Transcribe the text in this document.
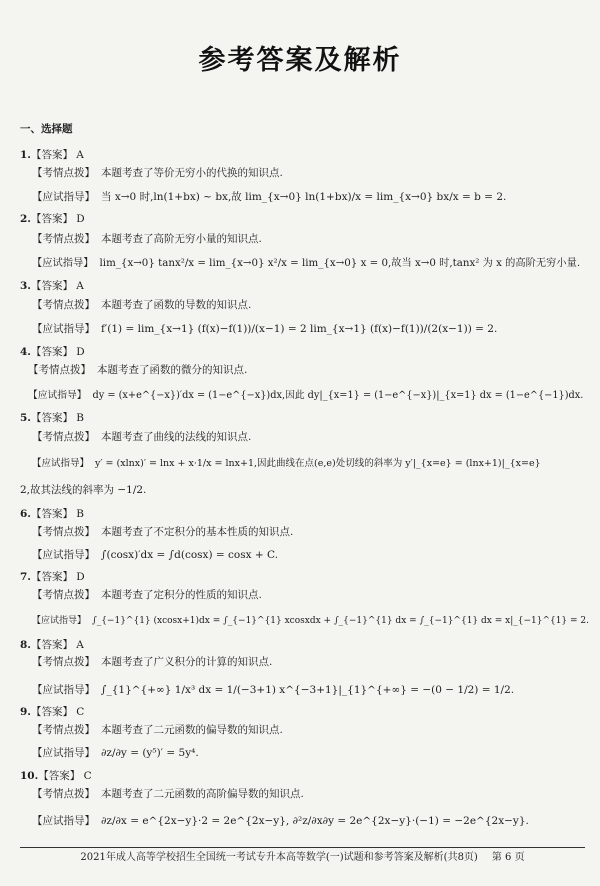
参考答案及解析
一、选择题
1.【答案】 A
【考情点拨】 本题考查了等价无穷小的代换的知识点.
【应试指导】 当 x→0 时,ln(1+bx) ~ bx,故 lim_{x→0} ln(1+bx)/x = lim_{x→0} bx/x = b = 2.
2.【答案】 D
【考情点拨】 本题考查了高阶无穷小量的知识点.
【应试指导】 lim_{x→0} tanx²/x = lim_{x→0} x²/x = lim_{x→0} x = 0,故当 x→0 时,tanx² 为 x 的高阶无穷小量.
3.【答案】 A
【考情点拨】 本题考查了函数的导数的知识点.
【应试指导】 f′(1) = lim_{x→1} (f(x)−f(1))/(x−1) = 2 lim_{x→1} (f(x)−f(1))/(2(x−1)) = 2.
4.【答案】 D
【考情点拨】 本题考查了函数的微分的知识点.
【应试指导】 dy = (x+e^{−x})′dx = (1−e^{−x})dx,因此 dy|_{x=1} = (1−e^{−x})|_{x=1} dx = (1−e^{−1})dx.
5.【答案】 B
【考情点拨】 本题考查了曲线的法线的知识点.
【应试指导】 y′ = (xlnx)′ = lnx + x·1/x = lnx+1,因此曲线在点(e,e)处切线的斜率为 y′|_{x=e} = (lnx+1)|_{x=e}
2,故其法线的斜率为 −1/2.
6.【答案】 B
【考情点拨】 本题考查了不定积分的基本性质的知识点.
【应试指导】 ∫(cosx)′dx = ∫d(cosx) = cosx + C.
7.【答案】 D
【考情点拨】 本题考查了定积分的性质的知识点.
【应试指导】 ∫_{−1}^{1} (xcosx+1)dx = ∫_{−1}^{1} xcosxdx + ∫_{−1}^{1} dx = ∫_{−1}^{1} dx = x|_{−1}^{1} = 2.
8.【答案】 A
【考情点拨】 本题考查了广义积分的计算的知识点.
【应试指导】 ∫_{1}^{+∞} 1/x³ dx = 1/(−3+1) x^{−3+1}|_{1}^{+∞} = −(0 − 1/2) = 1/2.
9.【答案】 C
【考情点拨】 本题考查了二元函数的偏导数的知识点.
【应试指导】 ∂z/∂y = (y⁵)′ = 5y⁴.
10.【答案】 C
【考情点拨】 本题考查了二元函数的高阶偏导数的知识点.
【应试指导】 ∂z/∂x = e^{2x−y}·2 = 2e^{2x−y}, ∂²z/∂x∂y = 2e^{2x−y}·(−1) = −2e^{2x−y}.
2021年成人高等学校招生全国统一考试专升本高等数学(一)试题和参考答案及解析(共8页) 第 6 页
